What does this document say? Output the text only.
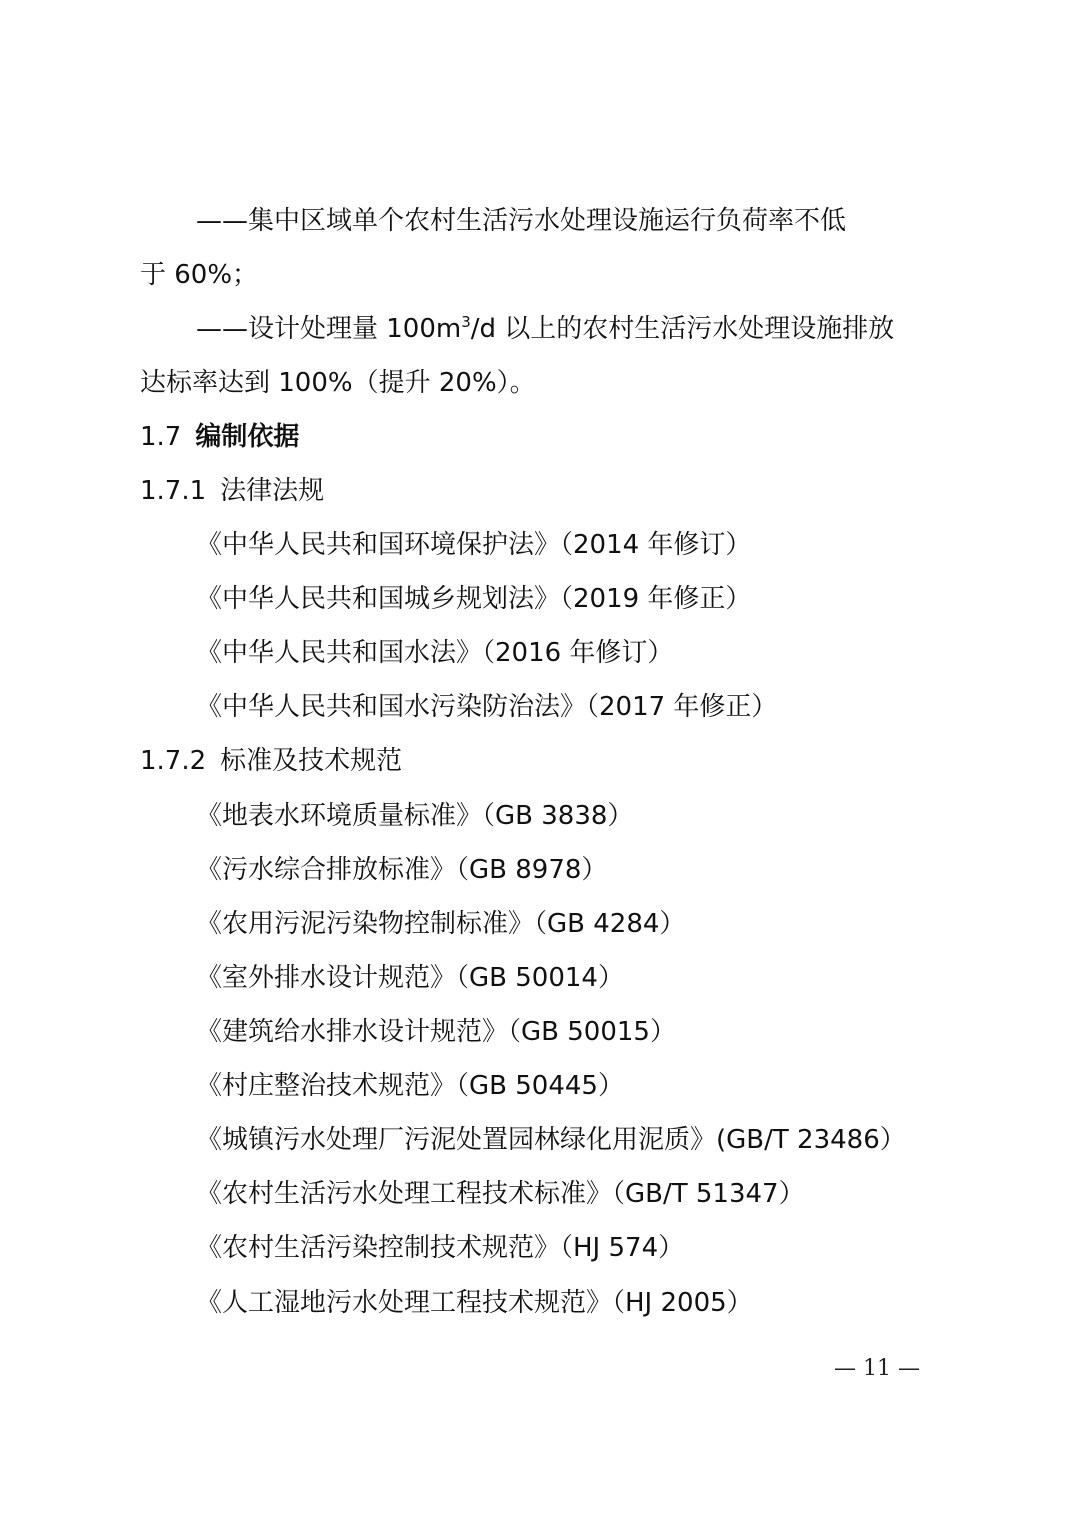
——集中区域单个农村生活污水处理设施运行负荷率不低
于 60%；
——设计处理量 $100m^3/d$ 以上的农村生活污水处理设施排放
达标率达到 100%（提升 20%）。
1.7 编制依据
1.7.1 法律法规
《中华人民共和国环境保护法》（2014 年修订）
《中华人民共和国城乡规划法》（2019 年修正）
《中华人民共和国水法》（2016 年修订）
《中华人民共和国水污染防治法》（2017 年修正）
1.7.2 标准及技术规范
《地表水环境质量标准》（GB 3838）
《污水综合排放标准》（GB 8978）
《农用污泥污染物控制标准》（GB 4284）
《室外排水设计规范》（GB 50014）
《建筑给水排水设计规范》（GB 50015）
《村庄整治技术规范》（GB 50445）
《城镇污水处理厂污泥处置园林绿化用泥质》(GB/T 23486）
《农村生活污水处理工程技术标准》（GB/T 51347）
《农村生活污染控制技术规范》（HJ 574）
《人工湿地污水处理工程技术规范》（HJ 2005）
— 11 —
